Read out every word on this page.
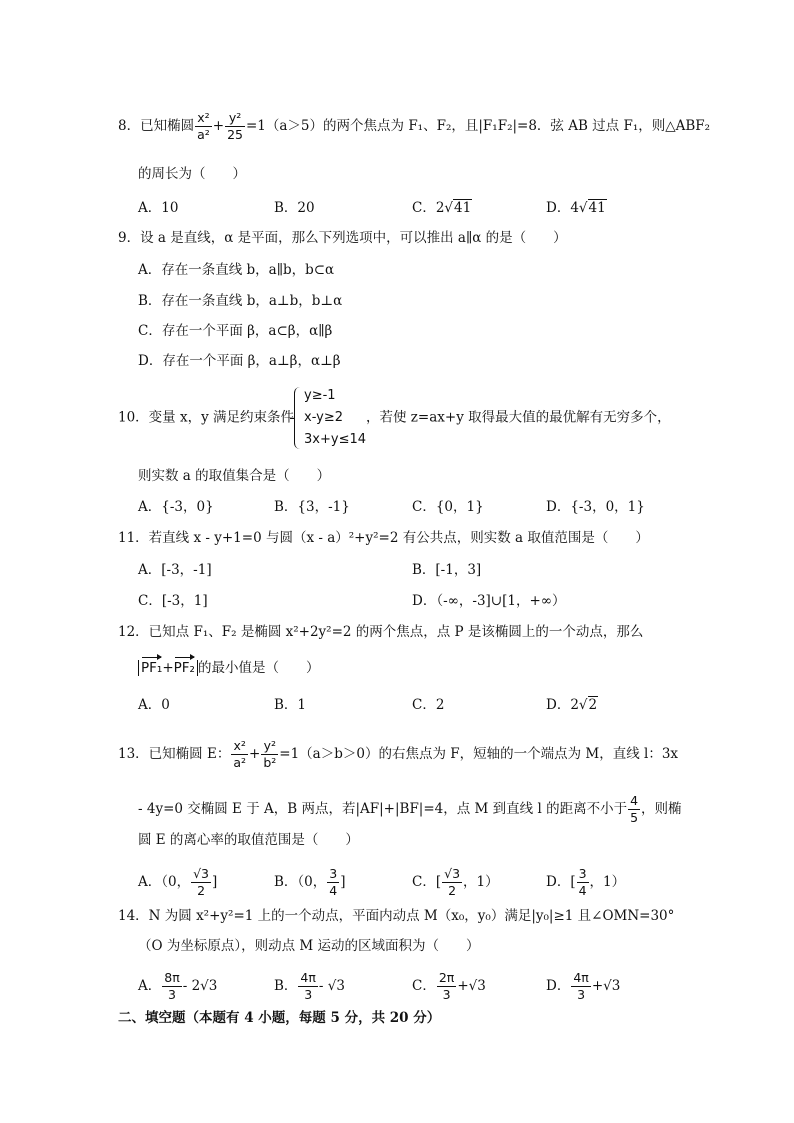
8．已知椭圆 $\frac{\text{x²}}{\text{a²}} + \frac{\text{y²}}{25} =1(a>5)$的两个焦点为 F₁、F₂，且|F₁F₂|=8．弦 AB 过点 F₁，则△ABF₂
的周长为（　　）
A．10	B．20	C．2√41	D．4√41
9．设 a 是直线，α 是平面，那么下列选项中，可以推出 a∥α 的是（　　）
A．存在一条直线 b，a∥b，b⊂α
B．存在一条直线 b，a⊥b，b⊥α
C．存在一个平面 β，a⊂β，α∥β
D．存在一个平面 β，a⊥β，α⊥β
10．变量 x，y 满足约束条件
y≥-1
x-y≥2
3x+y≤14
，若使 z=ax+y 取得最大值的最优解有无穷多个，
则实数 a 的取值集合是（　　）
A．{-3，0}	B．{3，-1}	C．{0，1}	D．{-3，0，1}
11．若直线 x - y+1=0 与圆（x - a）²+y²=2 有公共点，则实数 a 取值范围是（　　）
A．[-3，-1]	B．[-1，3]
C．[-3，1]	D．（-∞，-3]∪[1，+∞）
12．已知点 F₁、F₂ 是椭圆 x²+2y²=2 的两个焦点，点 P 是该椭圆上的一个动点，那么
PF₁+PF₂ 的最小值是（　　）
A．0	B．1	C．2	D．2√2
13．已知椭圆 E： $\frac{\text{x²}}{\text{a²}} + \frac{\text{y²}}{\text{b²}} =1(a>b>0)$的右焦点为 F，短轴的一个端点为 M，直线 l：3x
- 4y=0 交椭圆 E 于 A，B 两点，若|AF|+|BF|=4，点 M 到直线 l 的距离不小于 $\frac{4}{5}$ ，则椭
圆 E 的离心率的取值范围是（　　）
A．（0， $\frac{√3}{2}$ ]	B．（0， $\frac{3}{4}$ ]	C．[ $\frac{√3}{2}$ ，1）	D．[ $\frac{3}{4}$ ，1）
14．N 为圆 x²+y²=1 上的一个动点，平面内动点 M（x₀，y₀）满足|y₀|≥1 且∠OMN=30°
（O 为坐标原点），则动点 M 运动的区域面积为（　　）
A． $\frac{8\pi}{3} - 2√3$	B． $\frac{4\pi}{3} - √3$	C． $\frac{2\pi}{3} +√3$	D． $\frac{4\pi}{3} +√3$
二、填空题（本题有 4 小题，每题 5 分，共 20 分）
